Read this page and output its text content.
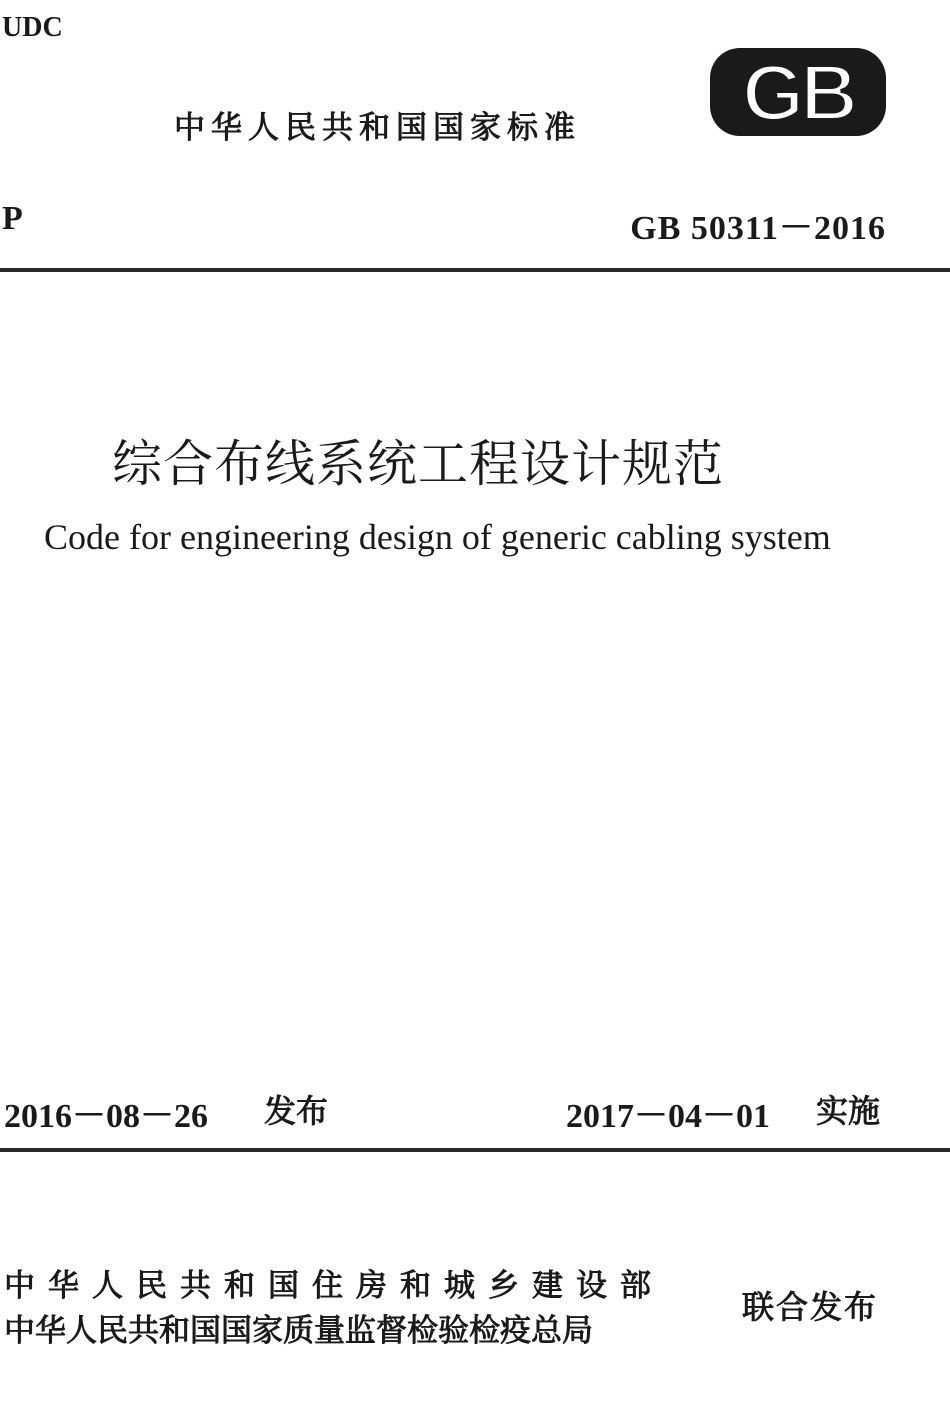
UDC
中华人民共和国国家标准 GB
P	GB 50311－2016
综合布线系统工程设计规范
Code for engineering design of generic cabling system
2016－08－26 发布	2017－04－01 实施
中华人民共和国住房和城乡建设部
中华人民共和国国家质量监督检验检疫总局
联合发布
